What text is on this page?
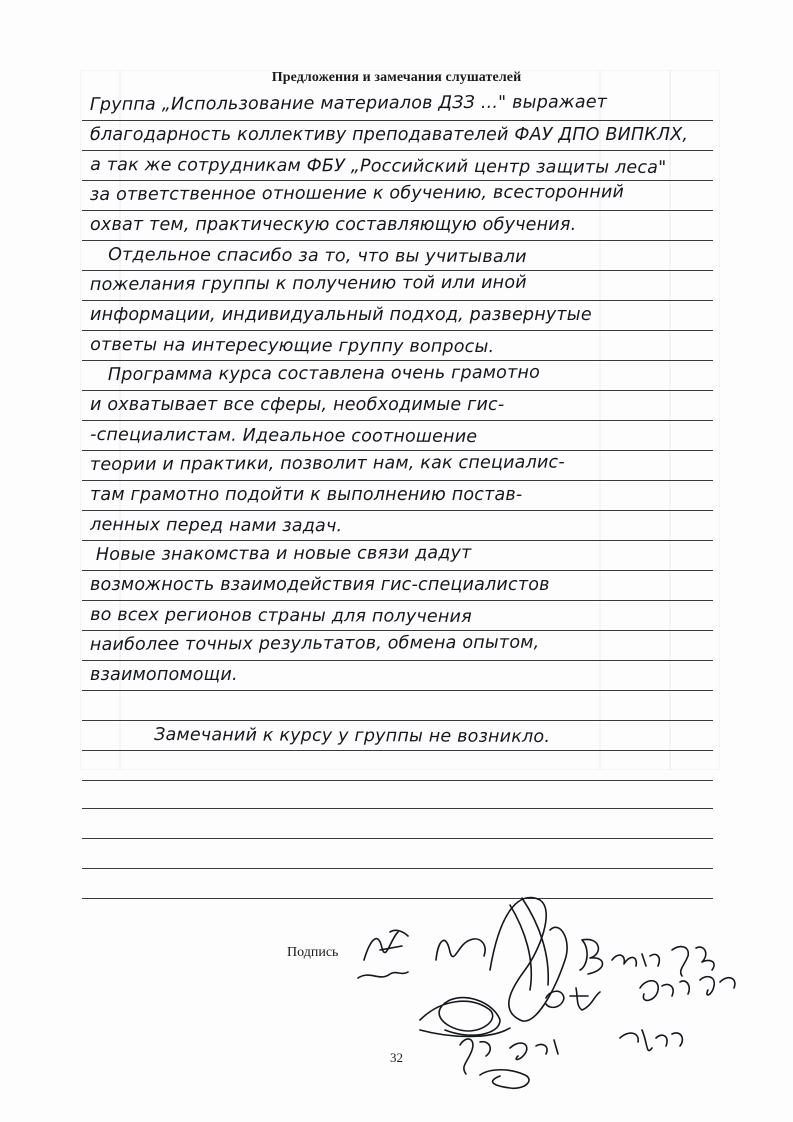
Предложения и замечания слушателей
Группа „Использование материалов ДЗЗ ..." выражает
благодарность коллективу преподавателей ФАУ ДПО ВИПКЛХ,
а так же сотрудникам ФБУ „Российский центр защиты леса"
за ответственное отношение к обучению, всесторонний
охват тем, практическую составляющую обучения.
Отдельное спасибо за то, что вы учитывали
пожелания группы к получению той или иной
информации, индивидуальный подход, развернутые
ответы на интересующие группу вопросы.
Программа курса составлена очень грамотно
и охватывает все сферы, необходимые гис-
-специалистам. Идеальное соотношение
теории и практики, позволит нам, как специалис-
там грамотно подойти к выполнению постав-
ленных перед нами задач.
Новые знакомства и новые связи дадут
возможность взаимодействия гис-специалистов
во всех регионов страны для получения
наиболее точных результатов, обмена опытом,
взаимопомощи.
Замечаний к курсу у группы не возникло.
Подпись
32
